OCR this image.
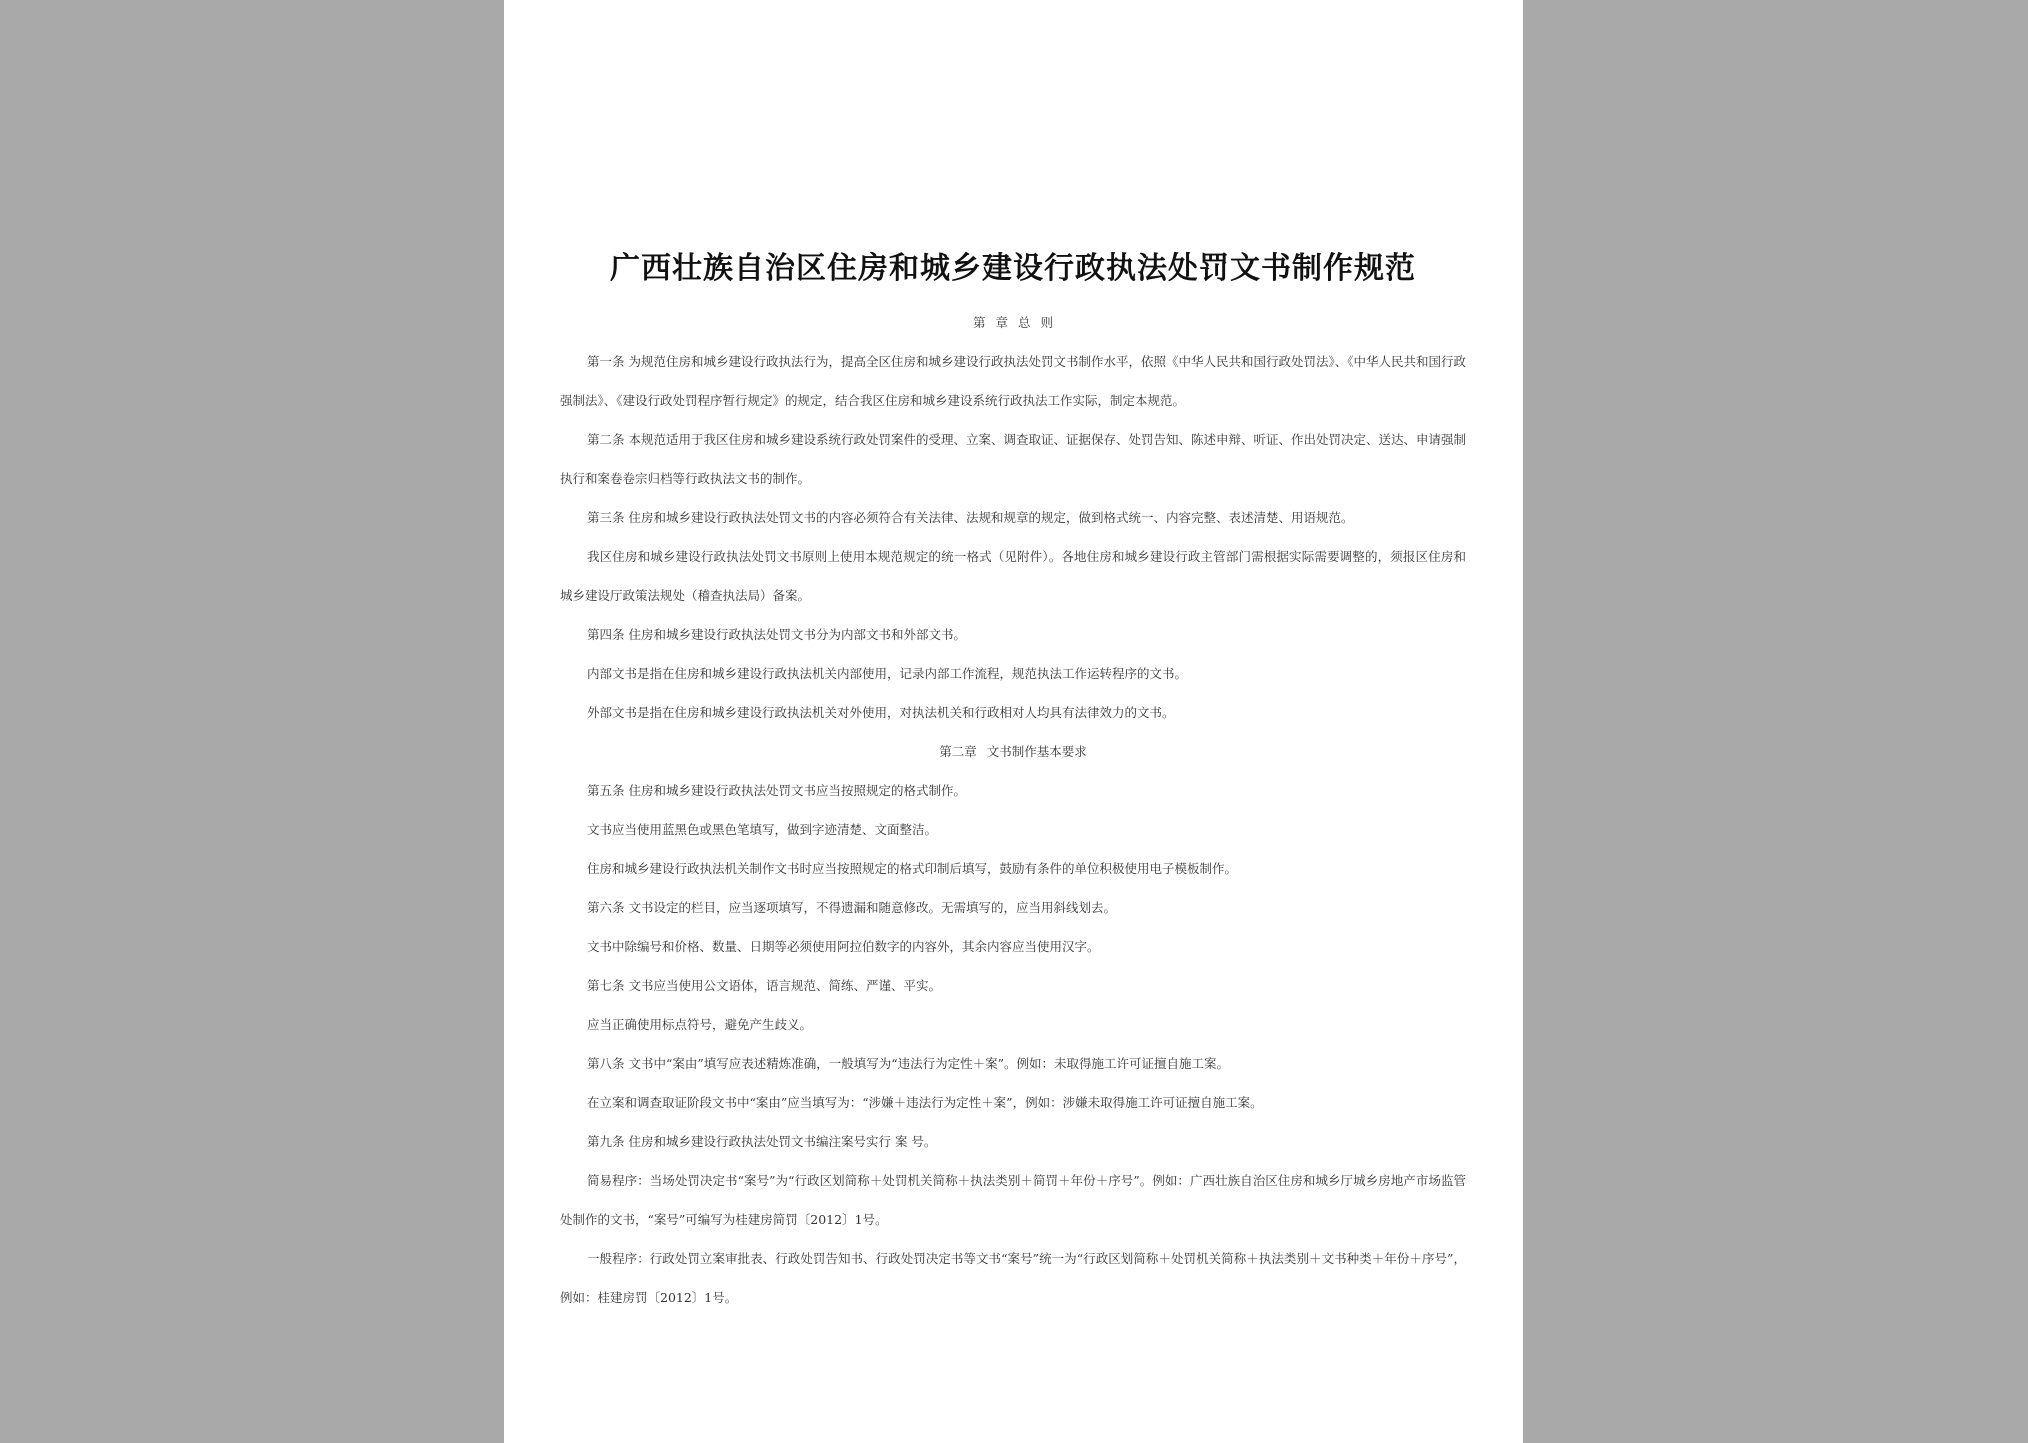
广西壮族自治区住房和城乡建设行政执法处罚文书制作规范
第 章 总 则

第一条 为规范住房和城乡建设行政执法行为，提高全区住房和城乡建设行政执法处罚文书制作水平，依照《中华人民共和国行政处罚法》、《中华人民共和国行政强制法》、《建设行政处罚程序暂行规定》的规定，结合我区住房和城乡建设系统行政执法工作实际，制定本规范。

第二条 本规范适用于我区住房和城乡建设系统行政处罚案件的受理、立案、调查取证、证据保存、处罚告知、陈述申辩、听证、作出处罚决定、送达、申请强制执行和案卷卷宗归档等行政执法文书的制作。

第三条 住房和城乡建设行政执法处罚文书的内容必须符合有关法律、法规和规章的规定，做到格式统一、内容完整、表述清楚、用语规范。

我区住房和城乡建设行政执法处罚文书原则上使用本规范规定的统一格式（见附件）。各地住房和城乡建设行政主管部门需根据实际需要调整的，须报区住房和城乡建设厅政策法规处（稽查执法局）备案。

第四条 住房和城乡建设行政执法处罚文书分为内部文书和外部文书。

内部文书是指在住房和城乡建设行政执法机关内部使用，记录内部工作流程，规范执法工作运转程序的文书。

外部文书是指在住房和城乡建设行政执法机关对外使用，对执法机关和行政相对人均具有法律效力的文书。

第二章 文书制作基本要求

第五条 住房和城乡建设行政执法处罚文书应当按照规定的格式制作。

文书应当使用蓝黑色或黑色笔填写，做到字迹清楚、文面整洁。

住房和城乡建设行政执法机关制作文书时应当按照规定的格式印制后填写，鼓励有条件的单位积极使用电子模板制作。

第六条 文书设定的栏目，应当逐项填写，不得遗漏和随意修改。无需填写的，应当用斜线划去。

文书中除编号和价格、数量、日期等必须使用阿拉伯数字的内容外，其余内容应当使用汉字。

第七条 文书应当使用公文语体，语言规范、简练、严谨、平实。

应当正确使用标点符号，避免产生歧义。

第八条 文书中“案由”填写应表述精炼准确，一般填写为“违法行为定性＋案”。例如：未取得施工许可证擅自施工案。

在立案和调查取证阶段文书中“案由”应当填写为：“涉嫌＋违法行为定性＋案”，例如：涉嫌未取得施工许可证擅自施工案。

第九条 住房和城乡建设行政执法处罚文书编注案号实行 案 号。

简易程序：当场处罚决定书“案号”为“行政区划简称＋处罚机关简称＋执法类别＋简罚＋年份＋序号”。例如：广西壮族自治区住房和城乡厅城乡房地产市场监管处制作的文书，“案号”可编写为桂建房简罚〔2012〕1号。

一般程序：行政处罚立案审批表、行政处罚告知书、行政处罚决定书等文书“案号”统一为“行政区划简称＋处罚机关简称＋执法类别＋文书种类＋年份＋序号”，例如：桂建房罚〔2012〕1号。
